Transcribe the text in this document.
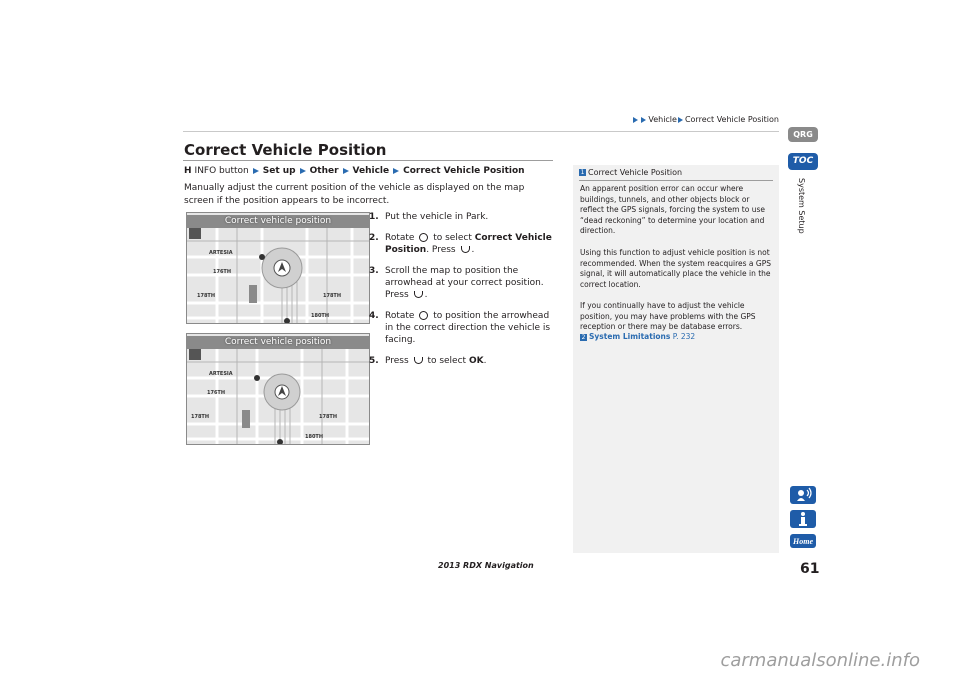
Vehicle Correct Vehicle Position
Correct Vehicle Position
H INFO button Set up Other Vehicle Correct Vehicle Position
Manually adjust the current position of the vehicle as displayed on the map screen if the position appears to be incorrect.
Correct vehicle position
ARTESIA
176TH
178TH	178TH
180TH
Correct vehicle position
ARTESIA
176TH
178TH	178TH
180TH
1. Put the vehicle in Park.
2. Rotate to select Correct Vehicle Position. Press .
3. Scroll the map to position the arrowhead at your correct position. Press .
4. Rotate to position the arrowhead in the correct direction the vehicle is facing.
5. Press to select OK.
1 Correct Vehicle Position
An apparent position error can occur where buildings, tunnels, and other objects block or reflect the GPS signals, forcing the system to use “dead reckoning” to determine your location and direction.
Using this function to adjust vehicle position is not recommended. When the system reacquires a GPS signal, it will automatically place the vehicle in the correct location.
If you continually have to adjust the vehicle position, you may have problems with the GPS reception or there may be database errors.
2 System Limitations P. 232
QRG
TOC
System Setup
Home
61
2013 RDX Navigation
carmanualsonline.info
